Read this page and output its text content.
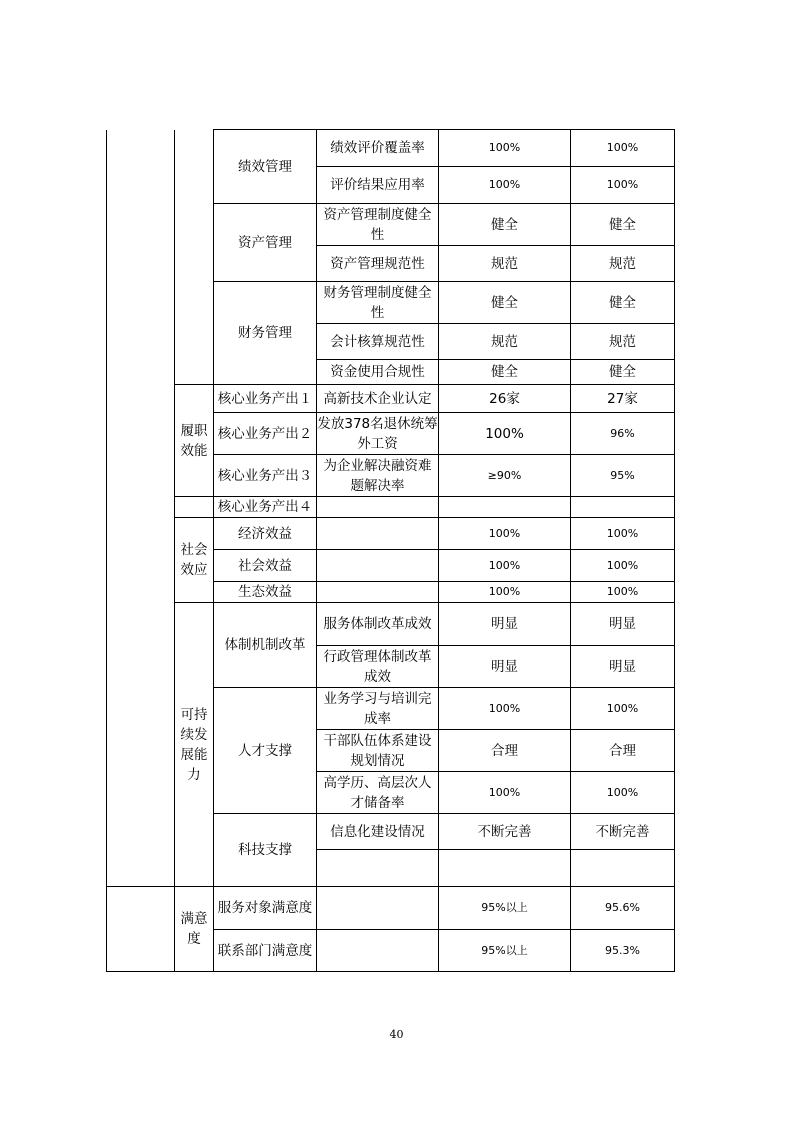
		绩效管理	绩效评价覆盖率	100%	100%
			评价结果应用率	100%	100%
		资产管理	资产管理制度健全性	健全	健全
			资产管理规范性	规范	规范
		财务管理	财务管理制度健全性	健全	健全
			会计核算规范性	规范	规范
			资金使用合规性	健全	健全
	履职效能	核心业务产出１	高新技术企业认定	26家	27家
		核心业务产出２	发放378名退休统筹外工资	100%	96%
		核心业务产出３	为企业解决融资难题解决率	≥90%	95%
		核心业务产出４			
	社会效应	经济效益		100%	100%
		社会效益		100%	100%
		生态效益		100%	100%
	可持续发展能力	体制机制改革	服务体制改革成效	明显	明显
			行政管理体制改革成效	明显	明显
		人才支撑	业务学习与培训完成率	100%	100%
			干部队伍体系建设规划情况	合理	合理
			高学历、高层次人才储备率	100%	100%
		科技支撑	信息化建设情况	不断完善	不断完善

	满意度	服务对象满意度		95%以上	95.6%
		联系部门满意度		95%以上	95.3%
40
